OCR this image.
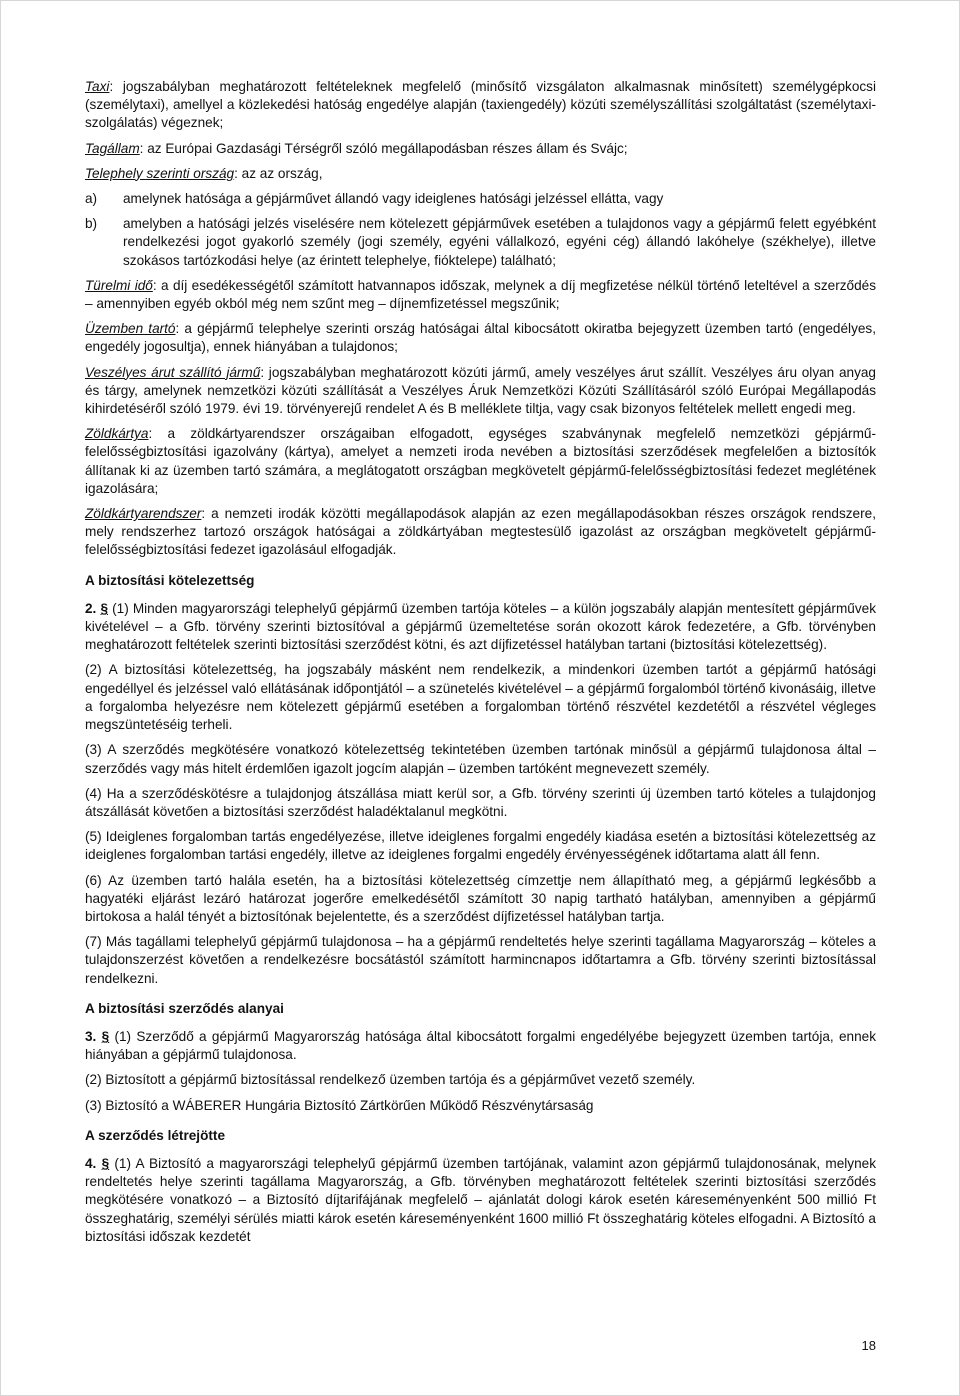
Taxi: jogszabályban meghatározott feltételeknek megfelelő (minősítő vizsgálaton alkalmasnak minősített) személygépkocsi (személytaxi), amellyel a közlekedési hatóság engedélye alapján (taxiengedély) közúti személyszállítási szolgáltatást (személytaxi-szolgálatás) végeznek;

Tagállam: az Európai Gazdasági Térségről szóló megállapodásban részes állam és Svájc;

Telephely szerinti ország: az az ország,

a)	amelynek hatósága a gépjárművet állandó vagy ideiglenes hatósági jelzéssel ellátta, vagy
b)	amelyben a hatósági jelzés viselésére nem kötelezett gépjárművek esetében a tulajdonos vagy a gépjármű felett egyébként rendelkezési jogot gyakorló személy (jogi személy, egyéni vállalkozó, egyéni cég) állandó lakóhelye (székhelye), illetve szokásos tartózkodási helye (az érintett telephelye, fióktelepe) található;

Türelmi idő: a díj esedékességétől számított hatvannapos időszak, melynek a díj megfizetése nélkül történő leteltével a szerződés – amennyiben egyéb okból még nem szűnt meg – díjnemfizetéssel megszűnik;

Üzemben tartó: a gépjármű telephelye szerinti ország hatóságai által kibocsátott okiratba bejegyzett üzemben tartó (engedélyes, engedély jogosultja), ennek hiányában a tulajdonos;

Veszélyes árut szállító jármű: jogszabályban meghatározott közúti jármű, amely veszélyes árut szállít. Veszélyes áru olyan anyag és tárgy, amelynek nemzetközi közúti szállítását a Veszélyes Áruk Nemzetközi Közúti Szállításáról szóló Európai Megállapodás kihirdetéséről szóló 1979. évi 19. törvényerejű rendelet A és B melléklete tiltja, vagy csak bizonyos feltételek mellett engedi meg.

Zöldkártya: a zöldkártyarendszer országaiban elfogadott, egységes szabványnak megfelelő nemzetközi gépjármű-felelősségbiztosítási igazolvány (kártya), amelyet a nemzeti iroda nevében a biztosítási szerződések megfelelően a biztosítók állítanak ki az üzemben tartó számára, a meglátogatott országban megkövetelt gépjármű-felelősségbiztosítási fedezet meglétének igazolására;

Zöldkártyarendszer: a nemzeti irodák közötti megállapodások alapján az ezen megállapodásokban részes országok rendszere, mely rendszerhez tartozó országok hatóságai a zöldkártyában megtestesülő igazolást az országban megkövetelt gépjármű-felelősségbiztosítási fedezet igazolásául elfogadják.

A biztosítási kötelezettség

2. § (1) Minden magyarországi telephelyű gépjármű üzemben tartója köteles – a külön jogszabály alapján mentesített gépjárművek kivételével – a Gfb. törvény szerinti biztosítóval a gépjármű üzemeltetése során okozott károk fedezetére, a Gfb. törvényben meghatározott feltételek szerinti biztosítási szerződést kötni, és azt díjfizetéssel hatályban tartani (biztosítási kötelezettség).

(2) A biztosítási kötelezettség, ha jogszabály másként nem rendelkezik, a mindenkori üzemben tartót a gépjármű hatósági engedéllyel és jelzéssel való ellátásának időpontjától – a szünetelés kivételével – a gépjármű forgalomból történő kivonásáig, illetve a forgalomba helyezésre nem kötelezett gépjármű esetében a forgalomban történő részvétel kezdetétől a részvétel végleges megszüntetéséig terheli.

(3) A szerződés megkötésére vonatkozó kötelezettség tekintetében üzemben tartónak minősül a gépjármű tulajdonosa által – szerződés vagy más hitelt érdemlően igazolt jogcím alapján – üzemben tartóként megnevezett személy.

(4) Ha a szerződéskötésre a tulajdonjog átszállása miatt kerül sor, a Gfb. törvény szerinti új üzemben tartó köteles a tulajdonjog átszállását követően a biztosítási szerződést haladéktalanul megkötni.

(5) Ideiglenes forgalomban tartás engedélyezése, illetve ideiglenes forgalmi engedély kiadása esetén a biztosítási kötelezettség az ideiglenes forgalomban tartási engedély, illetve az ideiglenes forgalmi engedély érvényességének időtartama alatt áll fenn.

(6) Az üzemben tartó halála esetén, ha a biztosítási kötelezettség címzettje nem állapítható meg, a gépjármű legkésőbb a hagyatéki eljárást lezáró határozat jogerőre emelkedésétől számított 30 napig tartható hatályban, amennyiben a gépjármű birtokosa a halál tényét a biztosítónak bejelentette, és a szerződést díjfizetéssel hatályban tartja.

(7) Más tagállami telephelyű gépjármű tulajdonosa – ha a gépjármű rendeltetés helye szerinti tagállama Magyarország – köteles a tulajdonszerzést követően a rendelkezésre bocsátástól számított harmincnapos időtartamra a Gfb. törvény szerinti biztosítással rendelkezni.

A biztosítási szerződés alanyai

3. § (1) Szerződő a gépjármű Magyarország hatósága által kibocsátott forgalmi engedélyébe bejegyzett üzemben tartója, ennek hiányában a gépjármű tulajdonosa.

(2) Biztosított a gépjármű biztosítással rendelkező üzemben tartója és a gépjárművet vezető személy.

(3) Biztosító a WÁBERER Hungária Biztosító Zártkörűen Működő Részvénytársaság

A szerződés létrejötte

4. § (1) A Biztosító a magyarországi telephelyű gépjármű üzemben tartójának, valamint azon gépjármű tulajdonosának, melynek rendeltetés helye szerinti tagállama Magyarország, a Gfb. törvényben meghatározott feltételek szerinti biztosítási szerződés megkötésére vonatkozó – a Biztosító díjtarifájának megfelelő – ajánlatát dologi károk esetén káreseményenként 500 millió Ft összeghatárig, személyi sérülés miatti károk esetén káreseményenként 1600 millió Ft összeghatárig köteles elfogadni. A Biztosító a biztosítási időszak kezdetét

18
